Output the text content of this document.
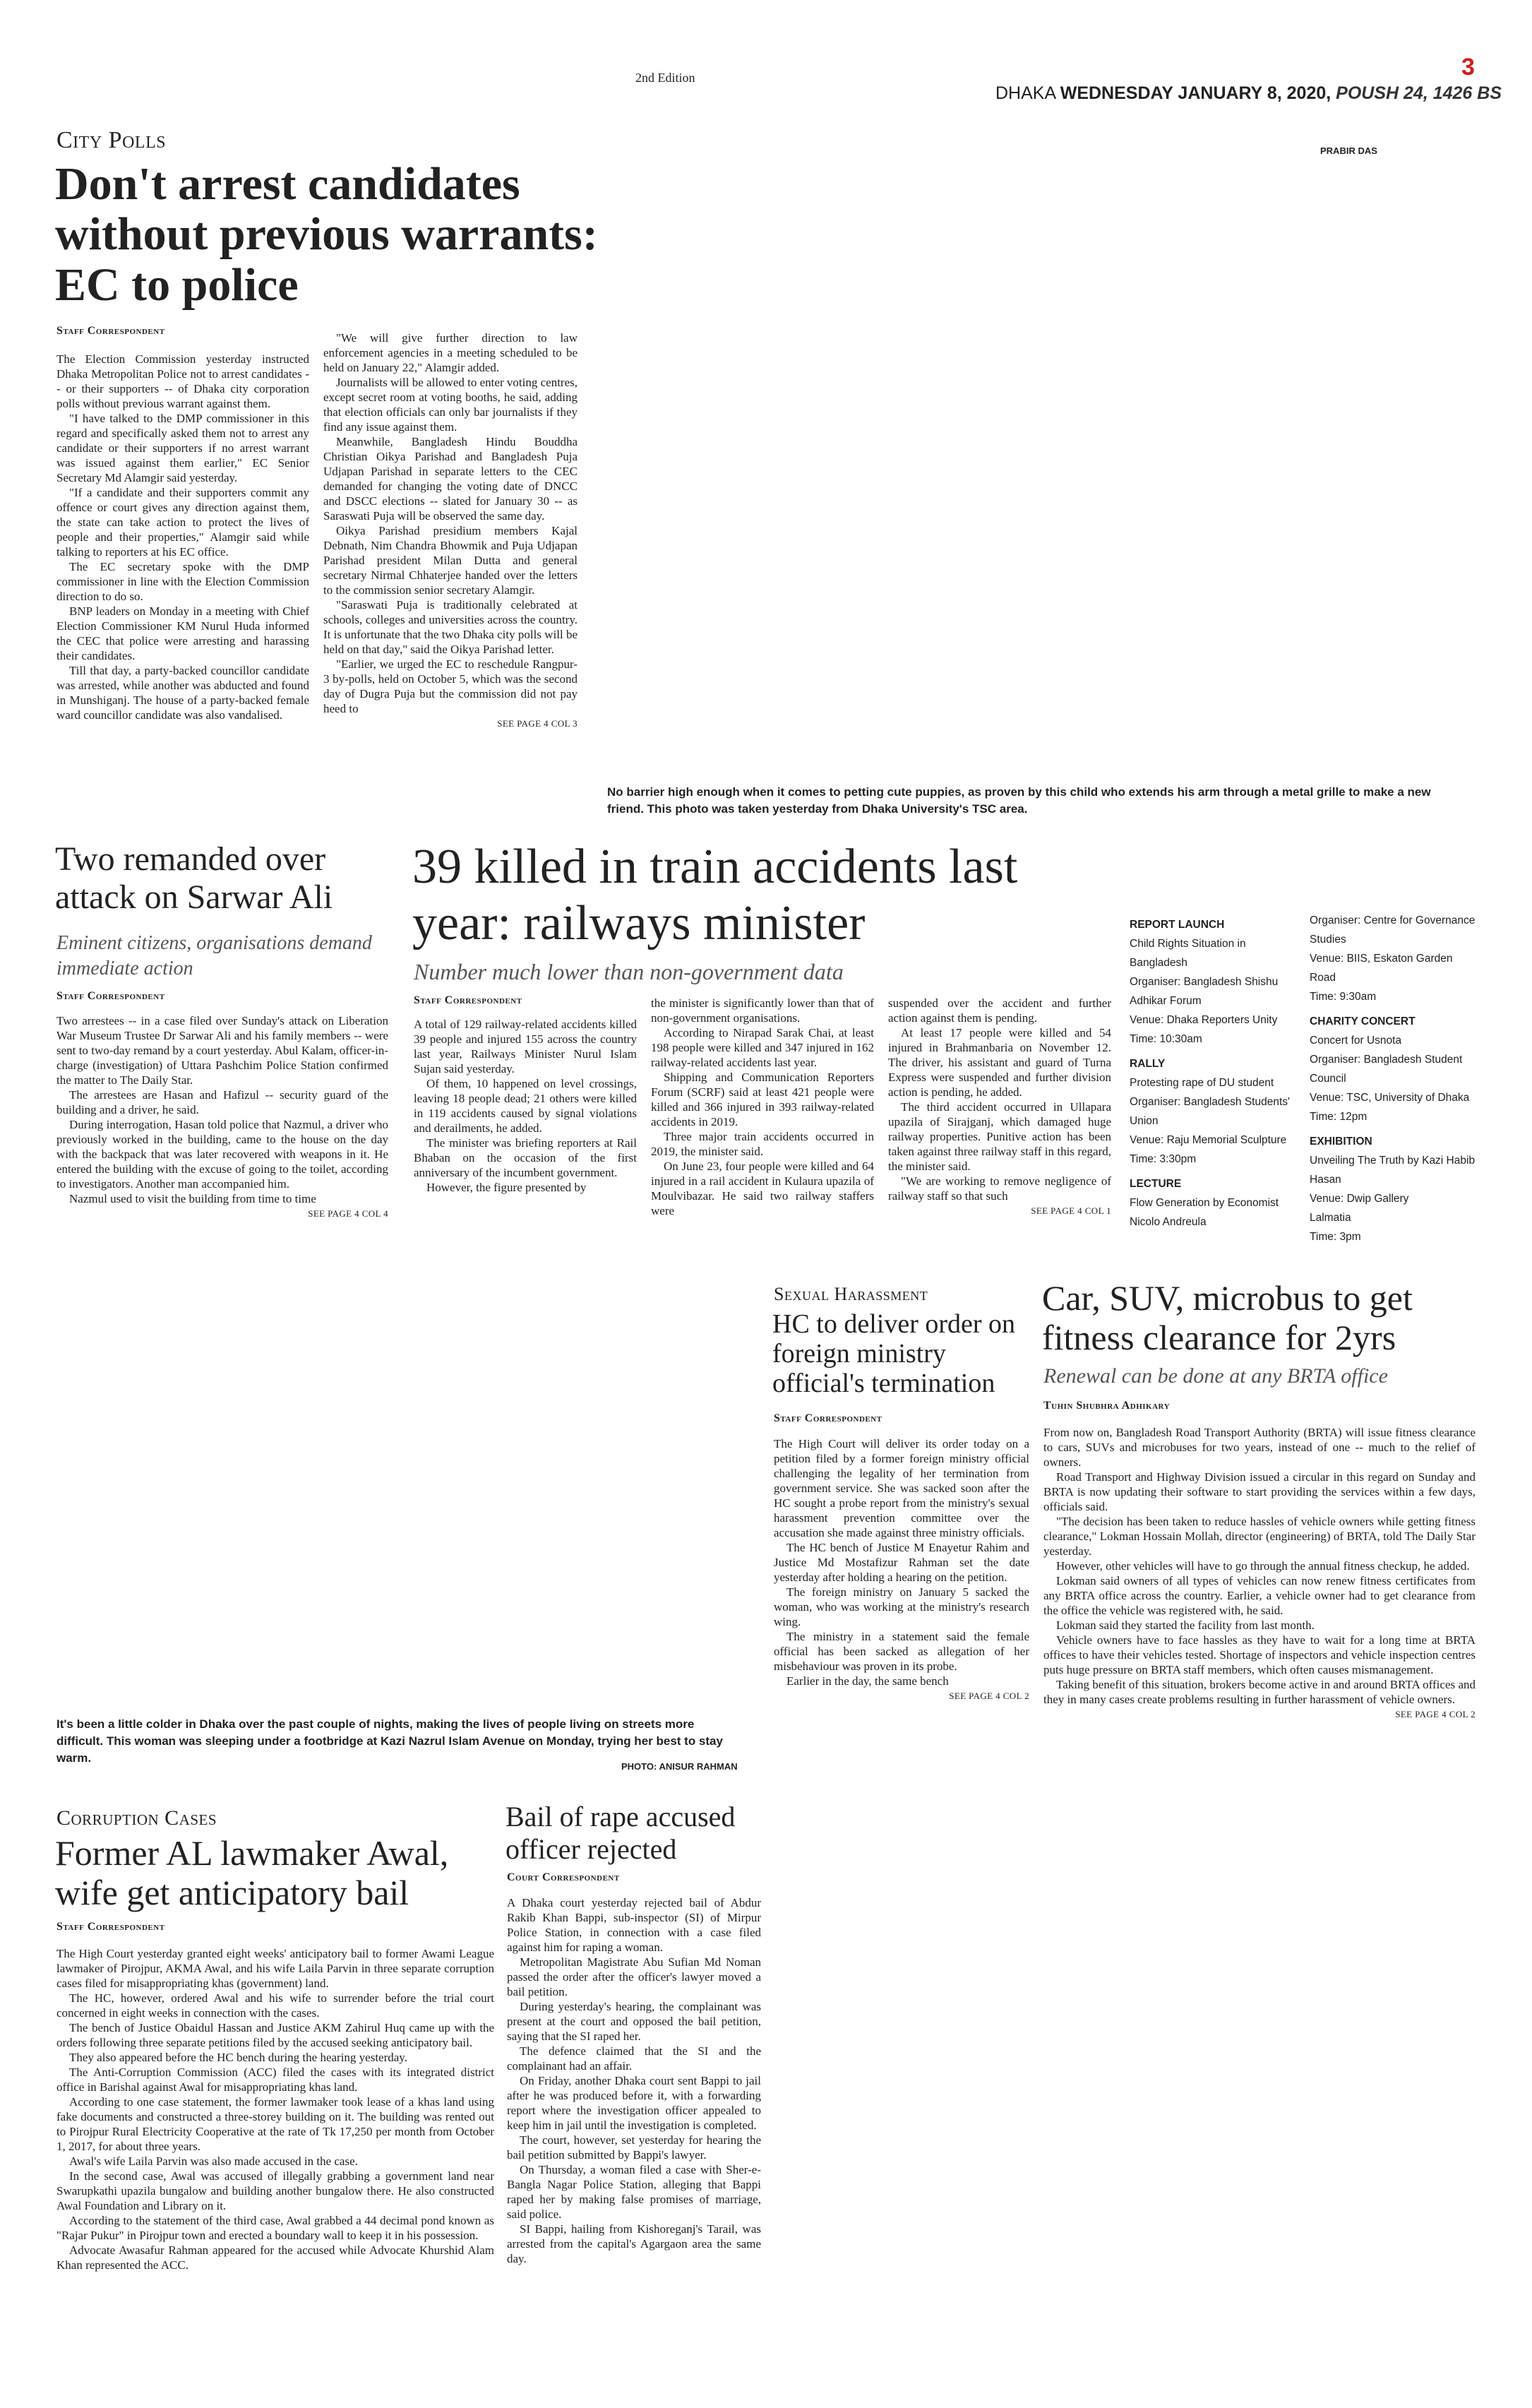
2nd Edition
DHAKA WEDNESDAY JANUARY 8, 2020, POUSH 24, 1426 BS
3
City Polls
Don't arrest candidates without previous warrants: EC to police
Staff Correspondent

The Election Commission yesterday instructed Dhaka Metropolitan Police not to arrest candidates -- or their supporters -- of Dhaka city corporation polls without previous warrant against them.

"I have talked to the DMP commissioner in this regard and specifically asked them not to arrest any candidate or their supporters if no arrest warrant was issued against them earlier," EC Senior Secretary Md Alamgir said yesterday.

"If a candidate and their supporters commit any offence or court gives any direction against them, the state can take action to protect the lives of people and their properties," Alamgir said while talking to reporters at his EC office.

The EC secretary spoke with the DMP commissioner in line with the Election Commission direction to do so.

BNP leaders on Monday in a meeting with Chief Election Commissioner KM Nurul Huda informed the CEC that police were arresting and harassing their candidates.

Till that day, a party-backed councillor candidate was arrested, while another was abducted and found in Munshiganj. The house of a party-backed female ward councillor candidate was also vandalised.

"We will give further direction to law enforcement agencies in a meeting scheduled to be held on January 22," Alamgir added.

Journalists will be allowed to enter voting centres, except secret room at voting booths, he said, adding that election officials can only bar journalists if they find any issue against them.

Meanwhile, Bangladesh Hindu Bouddha Christian Oikya Parishad and Bangladesh Puja Udjapan Parishad in separate letters to the CEC demanded for changing the voting date of DNCC and DSCC elections -- slated for January 30 -- as Saraswati Puja will be observed the same day.

Oikya Parishad presidium members Kajal Debnath, Nim Chandra Bhowmik and Puja Udjapan Parishad president Milan Dutta and general secretary Nirmal Chhaterjee handed over the letters to the commission senior secretary Alamgir.

"Saraswati Puja is traditionally celebrated at schools, colleges and universities across the country. It is unfortunate that the two Dhaka city polls will be held on that day," said the Oikya Parishad letter.

"Earlier, we urged the EC to reschedule Rangpur-3 by-polls, held on October 5, which was the second day of Dugra Puja but the commission did not pay heed to

SEE PAGE 4 COL 3
PRABIR DAS
No barrier high enough when it comes to petting cute puppies, as proven by this child who extends his arm through a metal grille to make a new friend. This photo was taken yesterday from Dhaka University's TSC area.
Two remanded over attack on Sarwar Ali
Eminent citizens, organisations demand immediate action
Staff Correspondent

Two arrestees -- in a case filed over Sunday's attack on Liberation War Museum Trustee Dr Sarwar Ali and his family members -- were sent to two-day remand by a court yesterday. Abul Kalam, officer-in-charge (investigation) of Uttara Pashchim Police Station confirmed the matter to The Daily Star.

The arrestees are Hasan and Hafizul -- security guard of the building and a driver, he said.

During interrogation, Hasan told police that Nazmul, a driver who previously worked in the building, came to the house on the day with the backpack that was later recovered with weapons in it. He entered the building with the excuse of going to the toilet, according to investigators. Another man accompanied him.

Nazmul used to visit the building from time to time

SEE PAGE 4 COL 4
39 killed in train accidents last year: railways minister
Number much lower than non-government data
Staff Correspondent

A total of 129 railway-related accidents killed 39 people and injured 155 across the country last year, Railways Minister Nurul Islam Sujan said yesterday.

Of them, 10 happened on level crossings, leaving 18 people dead; 21 others were killed in 119 accidents caused by signal violations and derailments, he added.

The minister was briefing reporters at Rail Bhaban on the occasion of the first anniversary of the incumbent government.

However, the figure presented by

the minister is significantly lower than that of non-government organisations.

According to Nirapad Sarak Chai, at least 198 people were killed and 347 injured in 162 railway-related accidents last year.

Shipping and Communication Reporters Forum (SCRF) said at least 421 people were killed and 366 injured in 393 railway-related accidents in 2019.

Three major train accidents occurred in 2019, the minister said.

On June 23, four people were killed and 64 injured in a rail accident in Kulaura upazila of Moulvibazar. He said two railway staffers were

suspended over the accident and further action against them is pending.

At least 17 people were killed and 54 injured in Brahmanbaria on November 12. The driver, his assistant and guard of Turna Express were suspended and further division action is pending, he added.

The third accident occurred in Ullapara upazila of Sirajganj, which damaged huge railway properties. Punitive action has been taken against three railway staff in this regard, the minister said.

"We are working to remove negligence of railway staff so that such

SEE PAGE 4 COL 1
REPORT LAUNCH
Child Rights Situation in
Bangladesh
Organiser: Bangladesh Shishu
Adhikar Forum
Venue: Dhaka Reporters Unity
Time: 10:30am
RALLY
Protesting rape of DU student
Organiser: Bangladesh Students'
Union
Venue: Raju Memorial Sculpture
Time: 3:30pm
LECTURE
Flow Generation by Economist
Nicolo Andreula
Organiser: Centre for Governance
Studies
Venue: BIIS, Eskaton Garden Road
Time: 9:30am
CHARITY CONCERT
Concert for Usnota
Organiser: Bangladesh Student
Council
Venue: TSC, University of Dhaka
Time: 12pm
EXHIBITION
Unveiling The Truth by Kazi Habib
Hasan
Venue: Dwip Gallery
Lalmatia
Time: 3pm
It's been a little colder in Dhaka over the past couple of nights, making the lives of people living on streets more difficult. This woman was sleeping under a footbridge at Kazi Nazrul Islam Avenue on Monday, trying her best to stay warm.
PHOTO: ANISUR RAHMAN
Sexual Harassment
HC to deliver order on foreign ministry official's termination
Staff Correspondent

The High Court will deliver its order today on a petition filed by a former foreign ministry official challenging the legality of her termination from government service. She was sacked soon after the HC sought a probe report from the ministry's sexual harassment prevention committee over the accusation she made against three ministry officials.

The HC bench of Justice M Enayetur Rahim and Justice Md Mostafizur Rahman set the date yesterday after holding a hearing on the petition.

The foreign ministry on January 5 sacked the woman, who was working at the ministry's research wing.

The ministry in a statement said the female official has been sacked as allegation of her misbehaviour was proven in its probe.

Earlier in the day, the same bench

SEE PAGE 4 COL 2
Car, SUV, microbus to get fitness clearance for 2yrs
Renewal can be done at any BRTA office
Tuhin Shubhra Adhikary

From now on, Bangladesh Road Transport Authority (BRTA) will issue fitness clearance to cars, SUVs and microbuses for two years, instead of one -- much to the relief of owners.

Road Transport and Highway Division issued a circular in this regard on Sunday and BRTA is now updating their software to start providing the services within a few days, officials said.

"The decision has been taken to reduce hassles of vehicle owners while getting fitness clearance," Lokman Hossain Mollah, director (engineering) of BRTA, told The Daily Star yesterday.

However, other vehicles will have to go through the annual fitness checkup, he added.

Lokman said owners of all types of vehicles can now renew fitness certificates from any BRTA office across the country. Earlier, a vehicle owner had to get clearance from the office the vehicle was registered with, he said.

Lokman said they started the facility from last month.

Vehicle owners have to face hassles as they have to wait for a long time at BRTA offices to have their vehicles tested. Shortage of inspectors and vehicle inspection centres puts huge pressure on BRTA staff members, which often causes mismanagement.

Taking benefit of this situation, brokers become active in and around BRTA offices and they in many cases create problems resulting in further harassment of vehicle owners.

SEE PAGE 4 COL 2
Corruption Cases
Former AL lawmaker Awal, wife get anticipatory bail
Staff Correspondent

The High Court yesterday granted eight weeks' anticipatory bail to former Awami League lawmaker of Pirojpur, AKMA Awal, and his wife Laila Parvin in three separate corruption cases filed for misappropriating khas (government) land.

The HC, however, ordered Awal and his wife to surrender before the trial court concerned in eight weeks in connection with the cases.

The bench of Justice Obaidul Hassan and Justice AKM Zahirul Huq came up with the orders following three separate petitions filed by the accused seeking anticipatory bail.

They also appeared before the HC bench during the hearing yesterday.

The Anti-Corruption Commission (ACC) filed the cases with its integrated district office in Barishal against Awal for misappropriating khas land.

According to one case statement, the former lawmaker took lease of a khas land using fake documents and constructed a three-storey building on it. The building was rented out to Pirojpur Rural Electricity Cooperative at the rate of Tk 17,250 per month from October 1, 2017, for about three years.

Awal's wife Laila Parvin was also made accused in the case.

In the second case, Awal was accused of illegally grabbing a government land near Swarupkathi upazila bungalow and building another bungalow there. He also constructed Awal Foundation and Library on it.

According to the statement of the third case, Awal grabbed a 44 decimal pond known as "Rajar Pukur" in Pirojpur town and erected a boundary wall to keep it in his possession.

Advocate Awasafur Rahman appeared for the accused while Advocate Khurshid Alam Khan represented the ACC.

Bail of rape accused officer rejected
Court Correspondent

A Dhaka court yesterday rejected bail of Abdur Rakib Khan Bappi, sub-inspector (SI) of Mirpur Police Station, in connection with a case filed against him for raping a woman.

Metropolitan Magistrate Abu Sufian Md Noman passed the order after the officer's lawyer moved a bail petition.

During yesterday's hearing, the complainant was present at the court and opposed the bail petition, saying that the SI raped her.

The defence claimed that the SI and the complainant had an affair.

On Friday, another Dhaka court sent Bappi to jail after he was produced before it, with a forwarding report where the investigation officer appealed to keep him in jail until the investigation is completed.

The court, however, set yesterday for hearing the bail petition submitted by Bappi's lawyer.

On Thursday, a woman filed a case with Sher-e-Bangla Nagar Police Station, alleging that Bappi raped her by making false promises of marriage, said police.

SI Bappi, hailing from Kishoreganj's Tarail, was arrested from the capital's Agargaon area the same day.
